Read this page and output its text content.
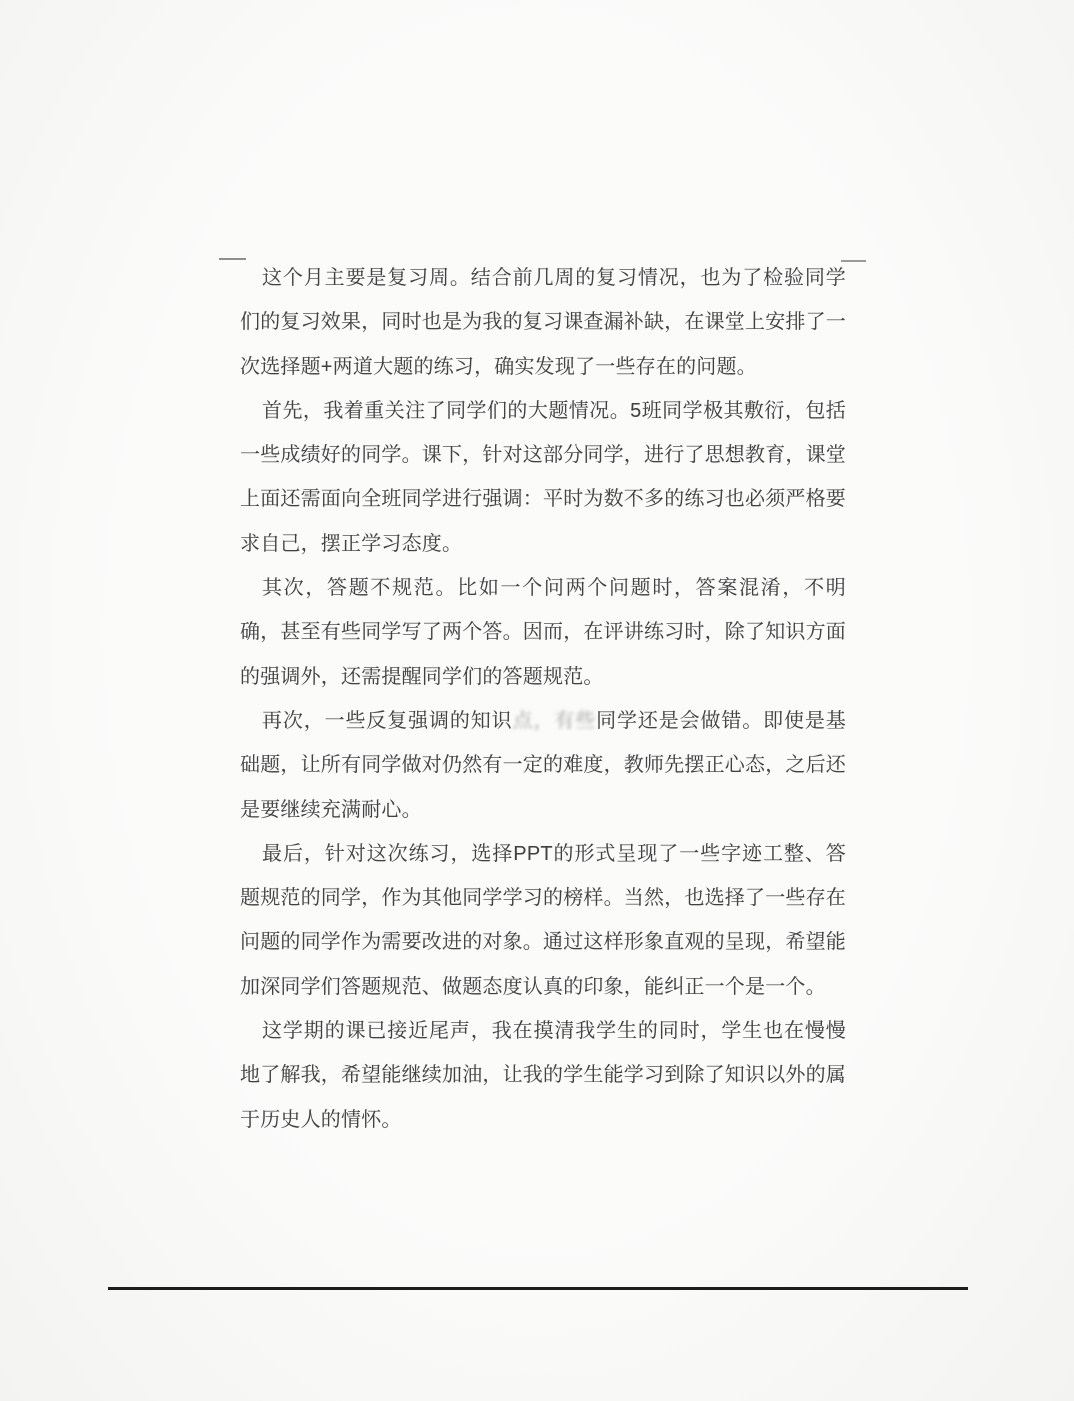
这个月主要是复习周。结合前几周的复习情况，也为了检验同学们的复习效果，同时也是为我的复习课查漏补缺，在课堂上安排了一次选择题+两道大题的练习，确实发现了一些存在的问题。

首先，我着重关注了同学们的大题情况。5班同学极其敷衍，包括一些成绩好的同学。课下，针对这部分同学，进行了思想教育，课堂上面还需面向全班同学进行强调：平时为数不多的练习也必须严格要求自己，摆正学习态度。

其次，答题不规范。比如一个问两个问题时，答案混淆，不明确，甚至有些同学写了两个答。因而，在评讲练习时，除了知识方面的强调外，还需提醒同学们的答题规范。

再次，一些反复强调的知识点，有些同学还是会做错。即使是基础题，让所有同学做对仍然有一定的难度，教师先摆正心态，之后还是要继续充满耐心。

最后，针对这次练习，选择PPT的形式呈现了一些字迹工整、答题规范的同学，作为其他同学学习的榜样。当然，也选择了一些存在问题的同学作为需要改进的对象。通过这样形象直观的呈现，希望能加深同学们答题规范、做题态度认真的印象，能纠正一个是一个。

这学期的课已接近尾声，我在摸清我学生的同时，学生也在慢慢地了解我，希望能继续加油，让我的学生能学习到除了知识以外的属于历史人的情怀。
